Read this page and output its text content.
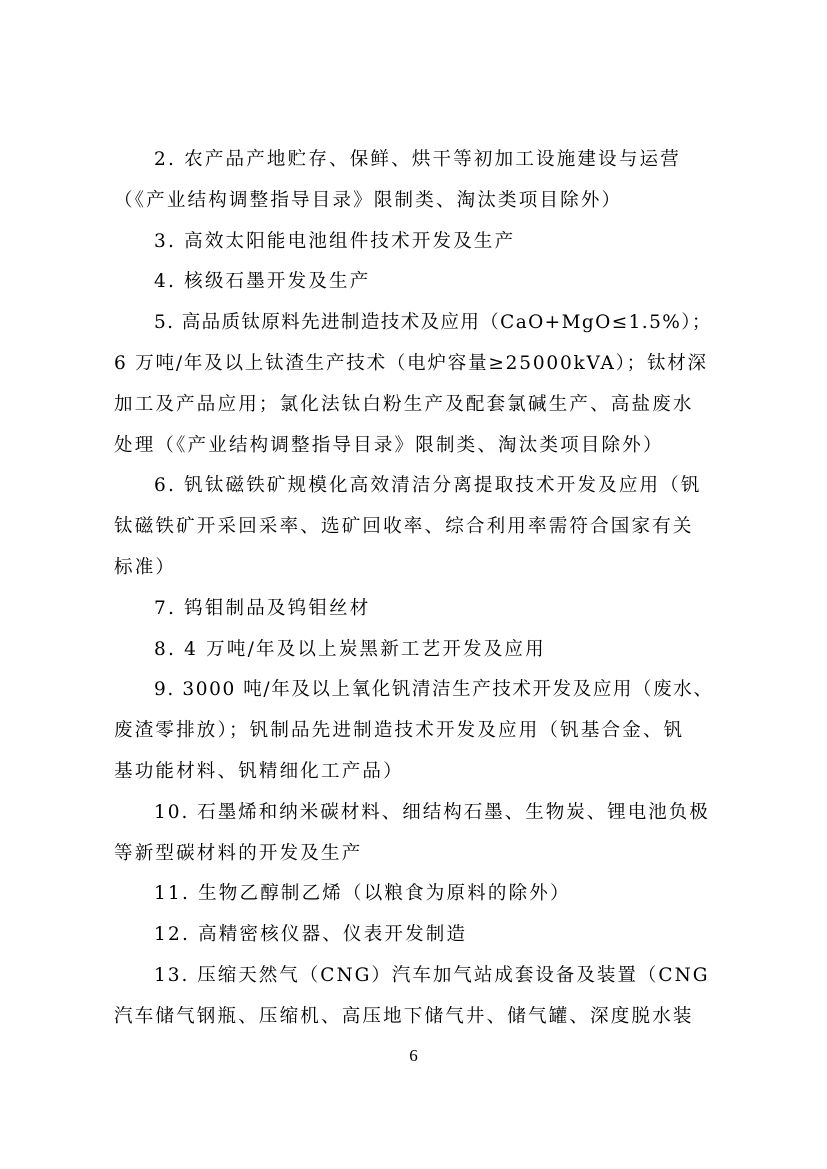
2. 农产品产地贮存、保鲜、烘干等初加工设施建设与运营
（《产业结构调整指导目录》限制类、淘汰类项目除外）
3. 高效太阳能电池组件技术开发及生产
4. 核级石墨开发及生产
5. 高品质钛原料先进制造技术及应用（CaO+MgO≤1.5%）；
6 万吨/年及以上钛渣生产技术（电炉容量≥25000kVA）；钛材深
加工及产品应用；氯化法钛白粉生产及配套氯碱生产、高盐废水
处理（《产业结构调整指导目录》限制类、淘汰类项目除外）
6. 钒钛磁铁矿规模化高效清洁分离提取技术开发及应用（钒
钛磁铁矿开采回采率、选矿回收率、综合利用率需符合国家有关
标准）
7. 钨钼制品及钨钼丝材
8. 4 万吨/年及以上炭黑新工艺开发及应用
9. 3000 吨/年及以上氧化钒清洁生产技术开发及应用（废水、
废渣零排放）；钒制品先进制造技术开发及应用（钒基合金、钒
基功能材料、钒精细化工产品）
10. 石墨烯和纳米碳材料、细结构石墨、生物炭、锂电池负极
等新型碳材料的开发及生产
11. 生物乙醇制乙烯（以粮食为原料的除外）
12. 高精密核仪器、仪表开发制造
13. 压缩天然气（CNG）汽车加气站成套设备及装置（CNG
汽车储气钢瓶、压缩机、高压地下储气井、储气罐、深度脱水装
6
